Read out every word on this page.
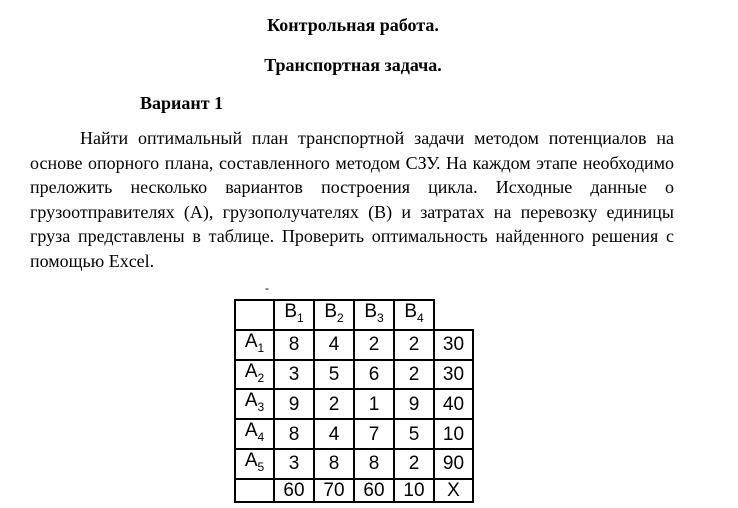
Контрольная работа.
Транспортная задача.
Вариант 1

Найти оптимальный план транспортной задачи методом потенциалов на основе опорного плана, составленного методом СЗУ. На каждом этапе необходимо преложить несколько вариантов построения цикла. Исходные данные о грузоотправителях (А), грузополучателях (В) и затратах на перевозку единицы груза представлены в таблице. Проверить оптимальность найденного решения с помощью Excel.

-
	$B_1$	$B_2$	$B_3$	$B_4$	
$A_1$	8	4	2	2	30
$A_2$	3	5	6	2	30
$A_3$	9	2	1	9	40
$A_4$	8	4	7	5	10
$A_5$	3	8	8	2	90
	60	70	60	10	X
